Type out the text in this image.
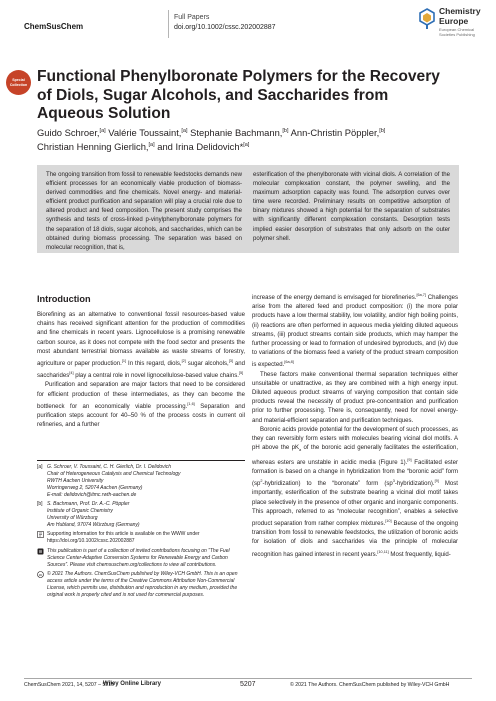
ChemSusChem
Full Papers
doi.org/10.1002/cssc.202002887
Chemistry
Europe
European Chemical Societies Publishing
Special Collection Functional Phenylboronate Polymers for the Recovery of Diols, Sugar Alcohols, and Saccharides from Aqueous Solution
Guido Schroer,[a] Valérie Toussaint,[a] Stephanie Bachmann,[b] Ann-Christin Pöppler,[b]
Christian Henning Gierlich,[a] and Irina Delidovich*[a]
The ongoing transition from fossil to renewable feedstocks demands new efficient processes for an economically viable production of biomass-derived commodities and fine chemicals. Novel energy- and material-efficient product purification and separation will play a crucial role due to altered product and feed composition. The present study comprises the synthesis and tests of cross-linked p-vinylphenylboronate polymers for the separation of 18 diols, sugar alcohols, and saccharides, which can be obtained during biomass processing. The separation was based on molecular recognition, that is,
esterification of the phenylboronate with vicinal diols. A correlation of the molecular complexation constant, the polymer swelling, and the maximum adsorption capacity was found. The adsorption curves over time were recorded. Preliminary results on competitive adsorption of binary mixtures showed a high potential for the separation of substrates with significantly different complexation constants. Desorption tests implied easier desorption of substrates that only adsorb on the outer polymer shell.
Introduction

Biorefining as an alternative to conventional fossil resources-based value chains has received significant attention for the production of commodities and fine chemicals in recent years. Lignocellulose is a promising renewable carbon source, as it does not compete with the food sector and presents the most abundant terrestrial biomass available as waste streams of forestry, agriculture or paper production.[1] In this regard, diols,[2] sugar alcohols,[3] and saccharides[4] play a central role in novel lignocellulose-based value chains.[5]

Purification and separation are major factors that need to be considered for efficient production of these intermediates, as they can become the bottleneck for an economically viable processing.[1,6] Separation and purification steps account for 40–50 % of the process costs in current oil refineries, and a further

[a] G. Schroer, V. Toussaint, C. H. Gierlich, Dr. I. Delidovich
Chair of Heterogeneous Catalysis and Chemical Technology
RWTH Aachen University
Worringerweg 2, 52074 Aachen (Germany)
E-mail: delidovich@itmc.rwth-aachen.de
[b] S. Bachmann, Prof. Dr. A.-C. Pöppler
Institute of Organic Chemistry
University of Würzburg
Am Hubland, 97074 Würzburg (Germany)
Supporting information for this article is available on the WWW under https://doi.org/10.1002/cssc.202002887
This publication is part of a collection of invited contributions focusing on “The Fuel Science Center-Adaptive Conversion Systems for Renewable Energy and Carbon Sources”. Please visit chemsuschem.org/collections to view all contributions.
cc © 2021 The Authors. ChemSusChem published by Wiley-VCH GmbH. This is an open access article under the terms of the Creative Commons Attribution Non-Commercial License, which permits use, distribution and reproduction in any medium, provided the original work is properly cited and is not used for commercial purposes.

increase of the energy demand is envisaged for biorefineries.[6a,7] Challenges arise from the altered feed and product composition: (i) the more polar products have a low thermal stability, low volatility, and/or high boiling points, (ii) reactions are often performed in aqueous media yielding diluted aqueous streams, (iii) product streams contain side products, which may hamper the further processing or lead to formation of undesired byproducts, and (iv) due to variations of the biomass feed a variety of the product stream composition is expected.[6a,8]

These factors make conventional thermal separation techniques either unsuitable or unattractive, as they are combined with a high energy input. Diluted aqueous product streams of varying composition that contain side products reveal the necessity of product pre-concentration and purification prior to further processing. There is, consequently, need for novel energy- and material-efficient separation and purification techniques.

Boronic acids provide potential for the development of such processes, as they can reversibly form esters with molecules bearing vicinal diol motifs. A pH above the $pK_a$ of the boronic acid generally facilitates the esterification, whereas esters are unstable in acidic media (Figure 1).[9] Facilitated ester formation is based on a change in hybridization from the “boronic acid” form $(sp^2-hybridization)$ to the “boronate” form $(sp^3-hybridization).[9]$ Most importantly, esterification of the substrate bearing a vicinal diol motif takes place selectively in the presence of other organic and inorganic components. This approach, referred to as “molecular recognition”, enables a selective product separation from rather complex mixtures.[10] Because of the ongoing transition from fossil to renewable feedstocks, the utilization of boronic acids for isolation of diols and saccharides via the principle of molecular recognition has gained interest in recent years.[10,11] Most frequently, liquid-

ChemSusChem 2021, 14, 5207 – 5215
Wiley Online Library	5207	© 2021 The Authors. ChemSusChem published by Wiley-VCH GmbH
